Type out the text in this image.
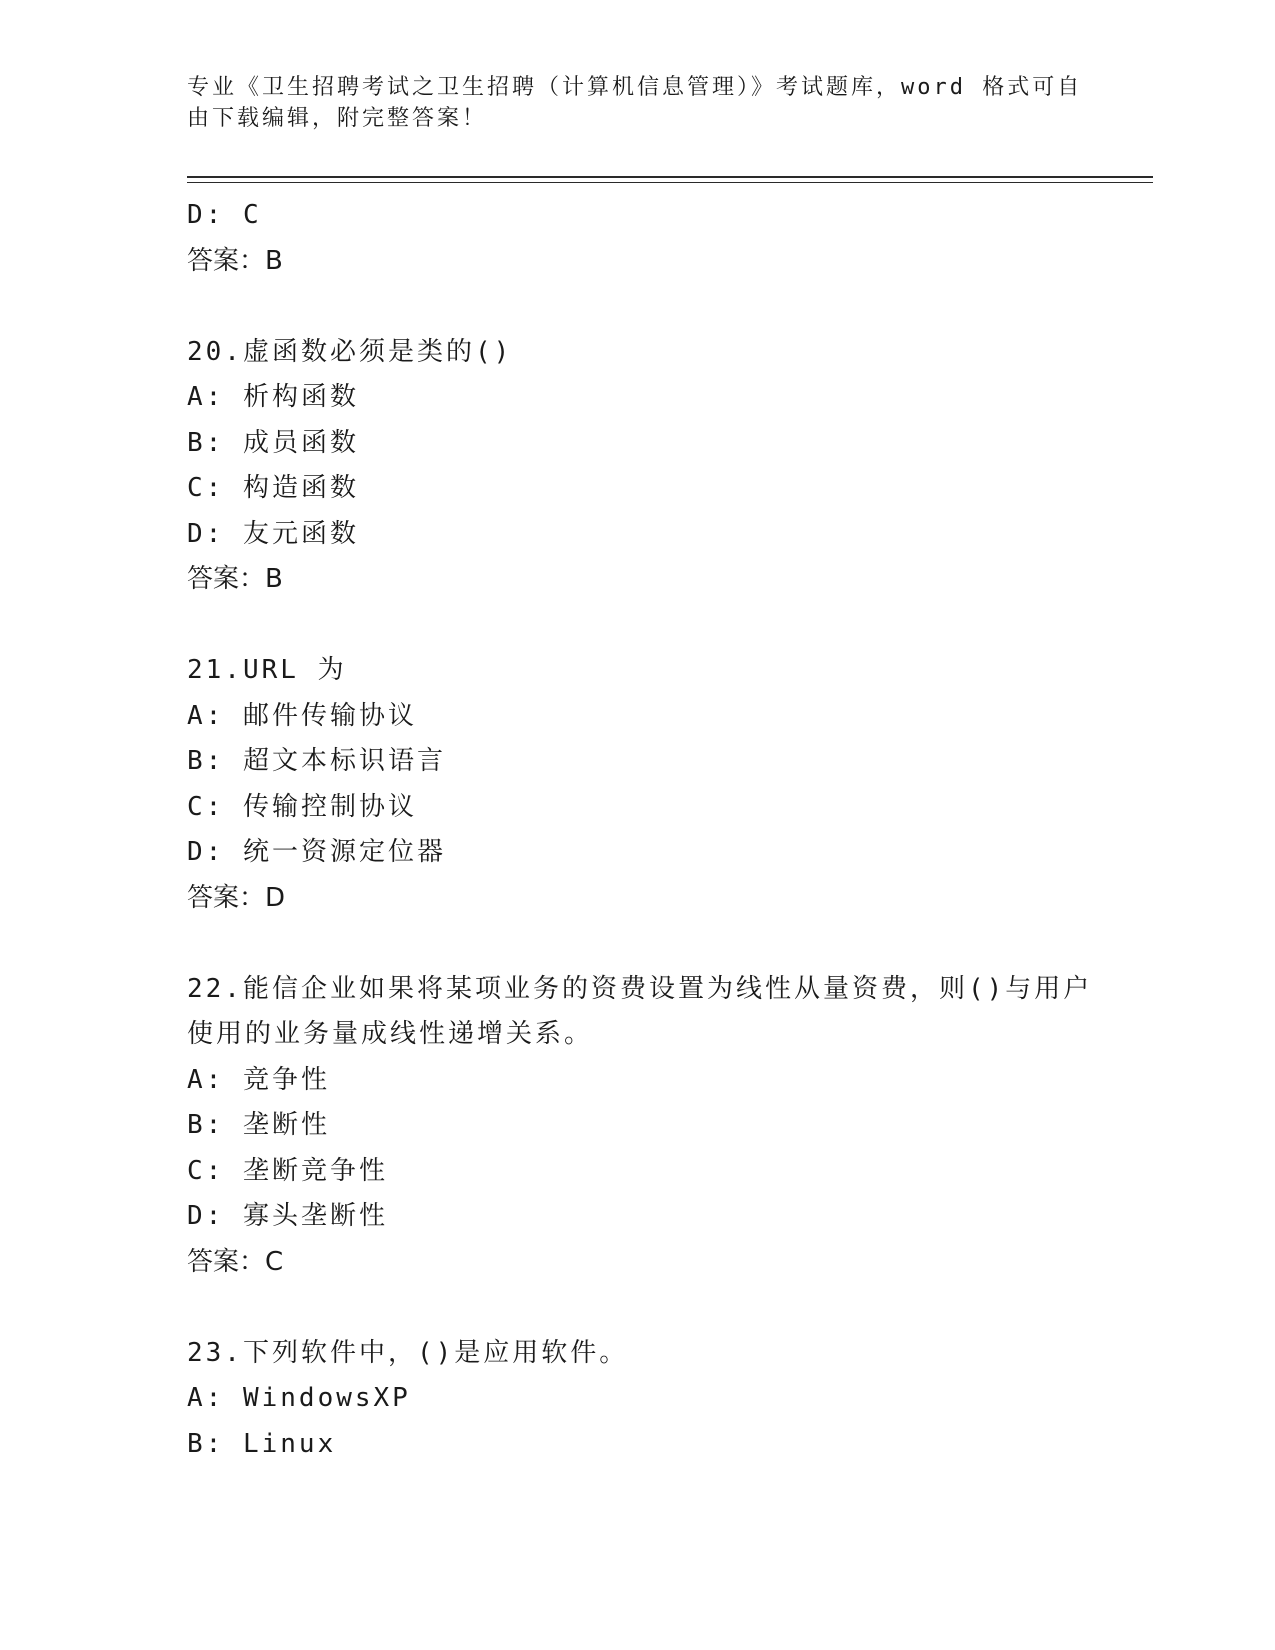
专业《卫生招聘考试之卫生招聘（计算机信息管理）》考试题库，word 格式可自
由下载编辑，附完整答案！
D: C
答案：B
20.虚函数必须是类的()
A: 析构函数
B: 成员函数
C: 构造函数
D: 友元函数
答案：B
21.URL 为
A: 邮件传输协议
B: 超文本标识语言
C: 传输控制协议
D: 统一资源定位器
答案：D
22.能信企业如果将某项业务的资费设置为线性从量资费，则()与用户
使用的业务量成线性递增关系。
A: 竞争性
B: 垄断性
C: 垄断竞争性
D: 寡头垄断性
答案：C
23.下列软件中，()是应用软件。
A: WindowsXP
B: Linux
